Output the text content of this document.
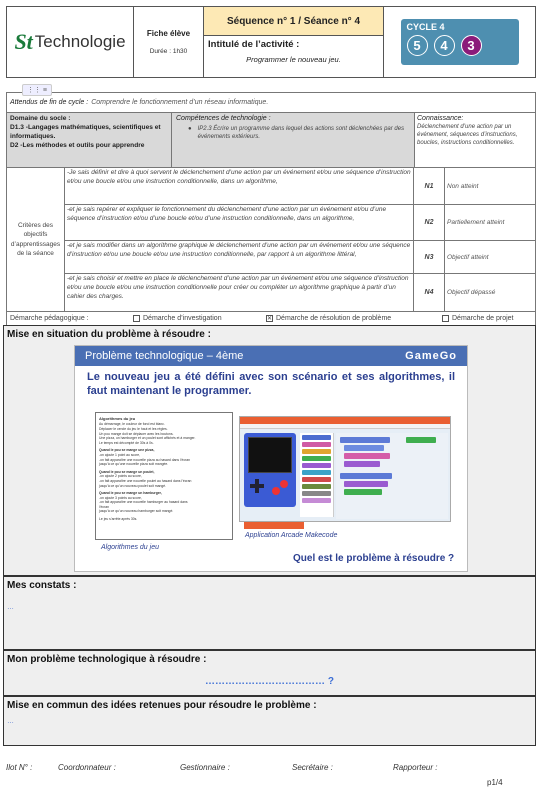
St Technologie	Fiche élève
Durée : 1h30
Séquence n° 1 / Séance n° 4
Intitulé de l’activité :
Programmer le nouveau jeu.
CYCLE 4
5	4	3
Attendus de fin de cycle : Comprendre le fonctionnement d’un réseau informatique.
Domaine du socle :
D1.3 -Langages mathématiques, scientifiques et informatiques.
D2 -Les méthodes et outils pour apprendre
Compétences de technologie :
● IP2.3 Écrire un programme dans lequel des actions sont déclenchées par des événements extérieurs.
Connaissance:
Déclenchement d’une action par un événement, séquences d’instructions, boucles, instructions conditionnelles.
Critères des objectifs d’apprentissages de la séance
-Je sais définir et dire à quoi servent le déclenchement d’une action par un événement et/ou une séquence d’instruction et/ou une boucle et/ou une instruction conditionnelle, dans un algorithme,
N1	Non atteint
-et je sais repérer et expliquer le fonctionnement du déclenchement d’une action par un événement et/ou d’une séquence d’instruction et/ou d’une boucle et/ou d’une instruction conditionnelle, dans un algorithme,
N2	Partiellement atteint
-et je sais modifier dans un algorithme graphique le déclenchement d’une action par un événement et/ou une séquence d’instruction et/ou une boucle et/ou une instruction conditionnelle, par rapport à un algorithme littéral,	N3	Objectif atteint
-et je sais choisir et mettre en place le déclenchement d’une action par un événement et/ou une séquence d’instruction et/ou une boucle et/ou une instruction conditionnelle pour créer ou compléter un algorithme graphique à partir d’un cahier des charges.
N4	Objectif dépassé
Démarche pédagogique :	Démarche d’investigation	✕ Démarche de résolution de problème	Démarche de projet
⋮⋮ ≡
Mise en situation du problème à résoudre :
Problème technologique – 4ème	GameGo
Le nouveau jeu a été défini avec son scénario et ses algorithmes, il faut maintenant le programmer.
Algorithmes du jeu
Au démarrage, le couleur de fond est blanc.
Déplacer le cercle du jeu le haut et les règles.
Un pou mange doit se déplacer avec les boutons.
Une pizza, un hamburger et un poulet sont affichés et à manger.
Le temps est décompté de 30s à 0s.
Quand le pou se mange une pizza,
-on ajoute 1 point au score,
-on fait apparaître une nouvelle pizza au hasard dans l’écran
jusqu’à ce qu’une nouvelle pizza soit mangée.
Quand le pou se mange un poulet,
-on ajoute 2 points au score,
-on fait apparaître une nouvelle poulet au hasard dans l’écran
jusqu’à ce qu’un nouveau poulet soit mangé.
Quand le pou se mange un hamburger,
-on ajoute 3 points au score,
-on fait apparaître une nouvelle hamburger au hasard dans
l’écran
jusqu’à ce qu’un nouveau hamburger soit mangé.
Le jeu s’arrête après 30s.
Algorithmes du jeu
Application Arcade Makecode
Quel est le problème à résoudre ?
Mes constats :
…
Mon problème technologique à résoudre :
……………………………… ?
Mise en commun des idées retenues pour résoudre le problème :
…
Ilot N° :	Coordonnateur :	Gestionnaire :	Secrétaire :	Rapporteur :
p1/4
